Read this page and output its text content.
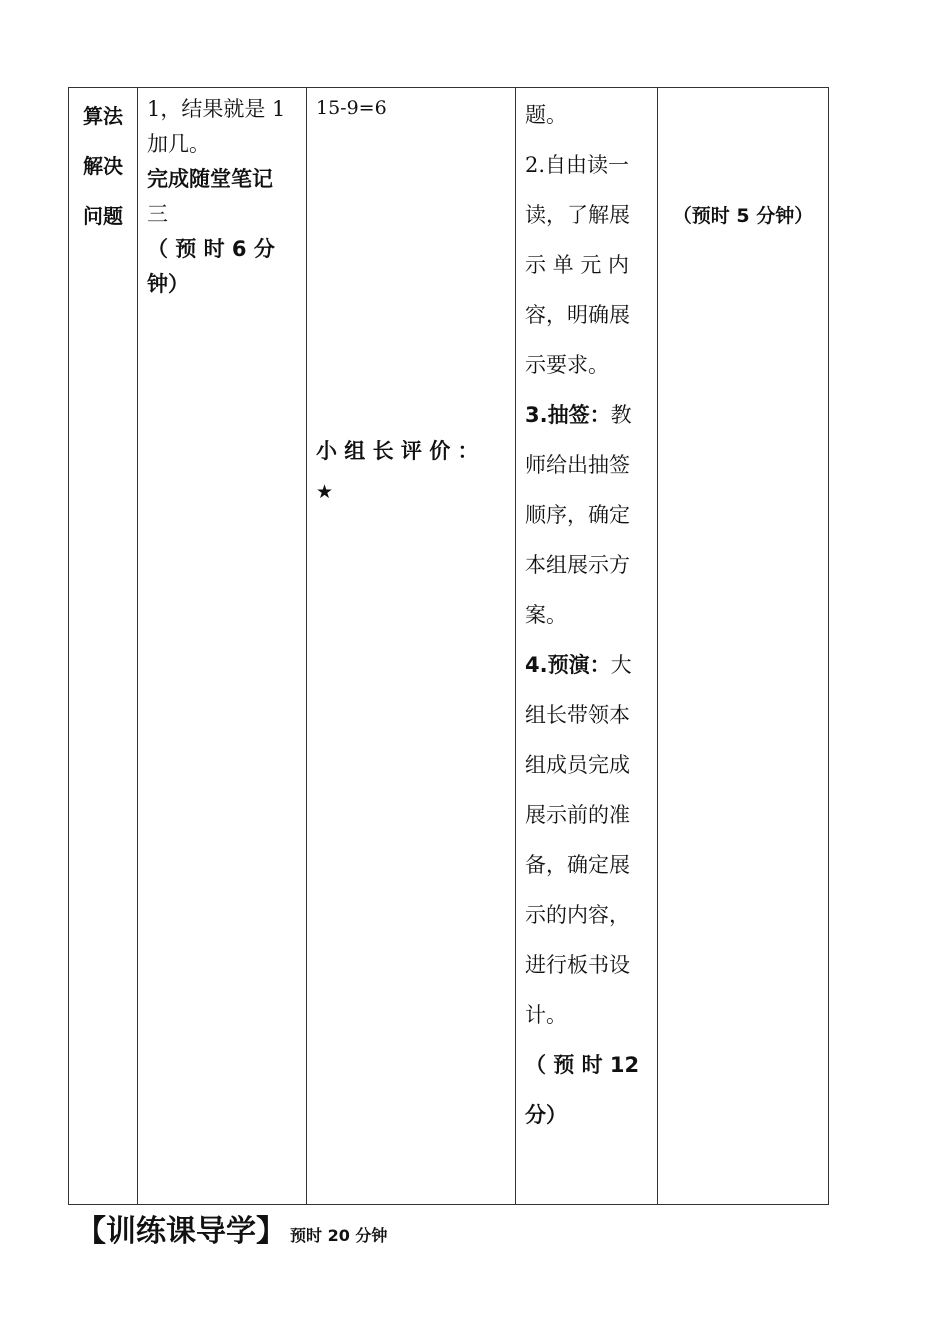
算法
解决
问题

1，结果就是 1
加几。
完成随堂笔记
三
（ 预 时 6 分
钟）

15-9=6
小 组 长 评 价 ：
★

题。
2.自由读一
读，了解展
示 单 元 内
容，明确展
示要求。
3.抽签：教
师给出抽签
顺序，确定
本组展示方
案。
4.预演：大
组长带领本
组成员完成
展示前的准
备，确定展
示的内容，
进行板书设
计。
（ 预 时 12
分）

（预时 5 分钟）
【训练课导学】 预时 20 分钟
